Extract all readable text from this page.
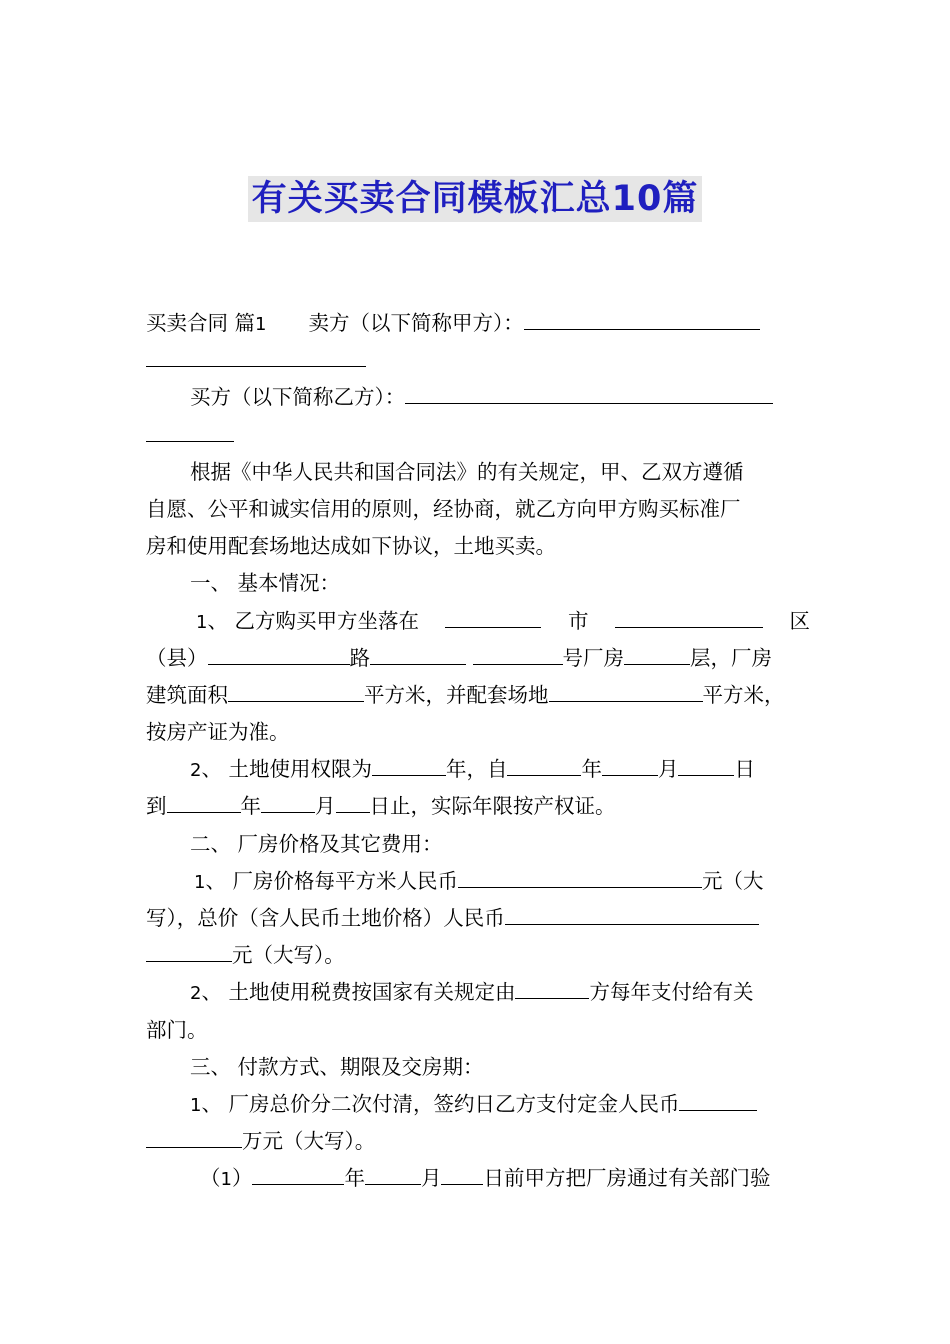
有关买卖合同模板汇总10篇
买卖合同 篇1 卖方（以下简称甲方）：
买方（以下简称乙方）：
根据《中华人民共和国合同法》的有关规定，甲、乙双方遵循
自愿、公平和诚实信用的原则，经协商，就乙方向甲方购买标准厂
房和使用配套场地达成如下协议，土地买卖。
一、 基本情况：
1、 乙方购买甲方坐落在	市	区
（县）	路	号厂房	层，厂房
建筑面积	平方米，并配套场地	平方米，
按房产证为准。
2、 土地使用权限为	年，自	年	月	日
到	年	月 日止，实际年限按产权证。
二、 厂房价格及其它费用：
1、 厂房价格每平方米人民币	元（大
写），总价（含人民币土地价格）人民币
元（大写）。
2、 土地使用税费按国家有关规定由	方每年支付给有关
部门。
三、 付款方式、期限及交房期：
1、 厂房总价分二次付清，签约日乙方支付定金人民币
万元（大写）。
（1）	年	月 日前甲方把厂房通过有关部门验
